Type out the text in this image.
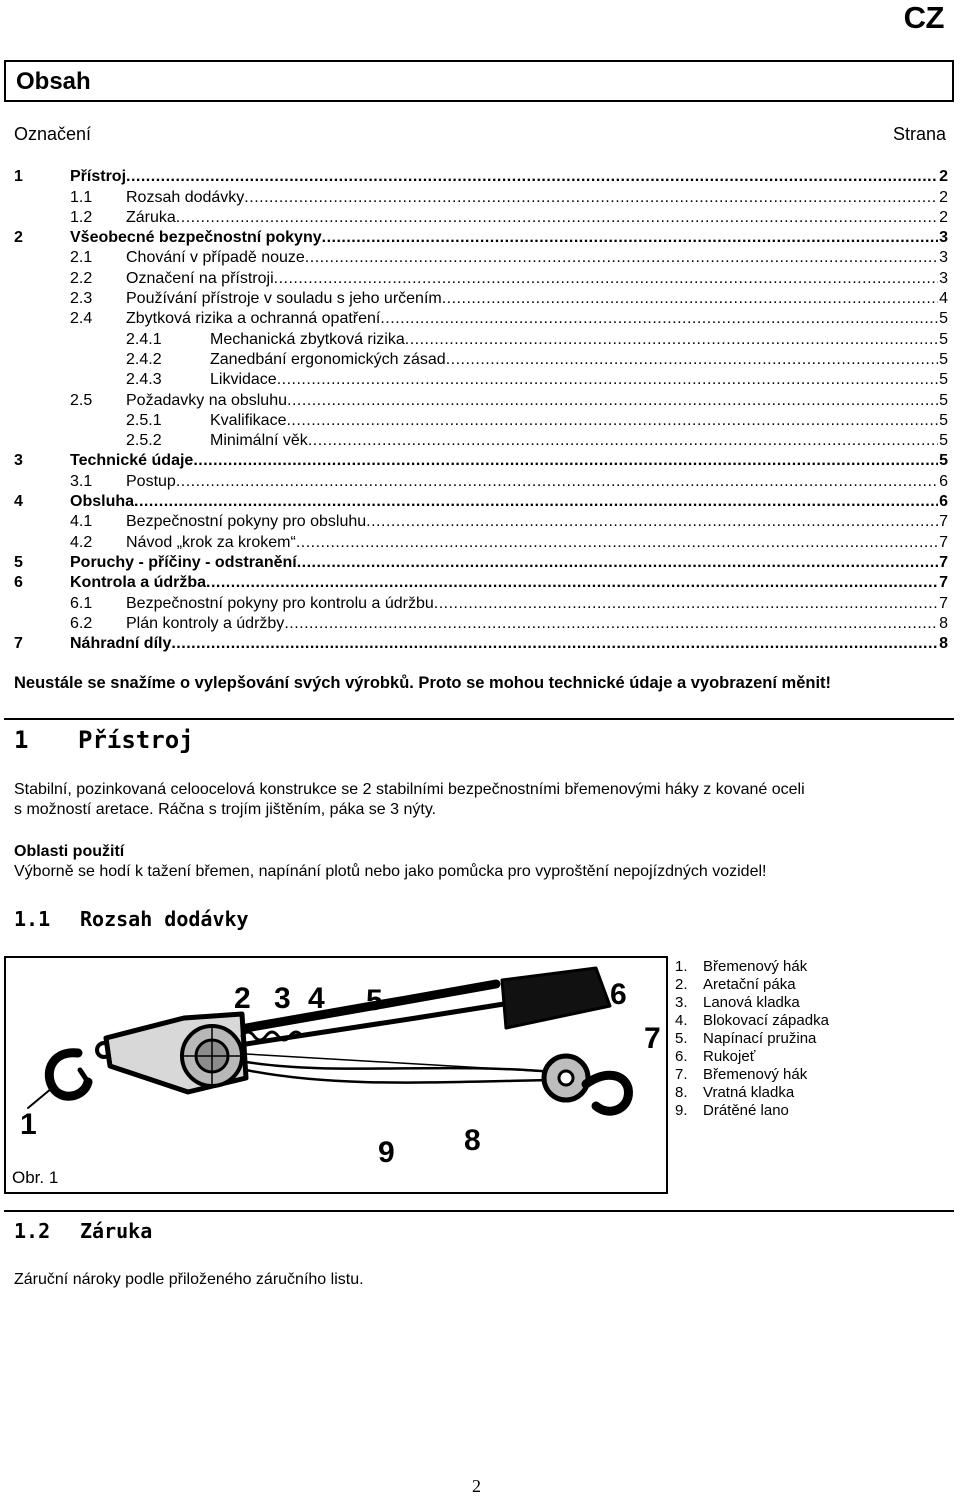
CZ
Obsah
Označení	Strana
1	Přístroj .....	2
1.1	Rozsah dodávky .....	2
1.2	Záruka .....	2
2	Všeobecné bezpečnostní pokyny .....	3
2.1	Chování v případě nouze .....	3
2.2	Označení na přístroji .....	3
2.3	Používání přístroje v souladu s jeho určením .....	4
2.4	Zbytková rizika a ochranná opatření .....	5
2.4.1	Mechanická zbytková rizika .....	5
2.4.2	Zanedbání ergonomických zásad .....	5
2.4.3	Likvidace .....	5
2.5	Požadavky na obsluhu .....	5
2.5.1	Kvalifikace .....	5
2.5.2	Minimální věk .....	5
3	Technické údaje .....	5
3.1	Postup .....	6
4	Obsluha .....	6
4.1	Bezpečnostní pokyny pro obsluhu .....	7
4.2	Návod „krok za krokem“ .....	7
5	Poruchy - příčiny - odstranění .....	7
6	Kontrola a údržba .....	7
6.1	Bezpečnostní pokyny pro kontrolu a údržbu .....	7
6.2	Plán kontroly a údržby .....	8
7	Náhradní díly .....	8
Neustále se snažíme o vylepšování svých výrobků. Proto se mohou technické údaje a vyobrazení měnit!
1 Přístroj
Stabilní, pozinkovaná celoocelová konstrukce se 2 stabilními bezpečnostními břemenovými háky z kované oceli
s možností aretace. Ráčna s trojím jištěním, páka se 3 nýty.
Oblasti použití
Výborně se hodí k tažení břemen, napínání plotů nebo jako pomůcka pro vyproštění nepojízdných vozidel!
1.1 Rozsah dodávky
1
2 3 4 5	6
7
8
9
Obr. 1
1. Břemenový hák
2. Aretační páka
3. Lanová kladka
4. Blokovací západka
5. Napínací pružina
6. Rukojeť
7. Břemenový hák
8. Vratná kladka
9. Drátěné lano
1.2 Záruka
Záruční nároky podle přiloženého záručního listu.
2
